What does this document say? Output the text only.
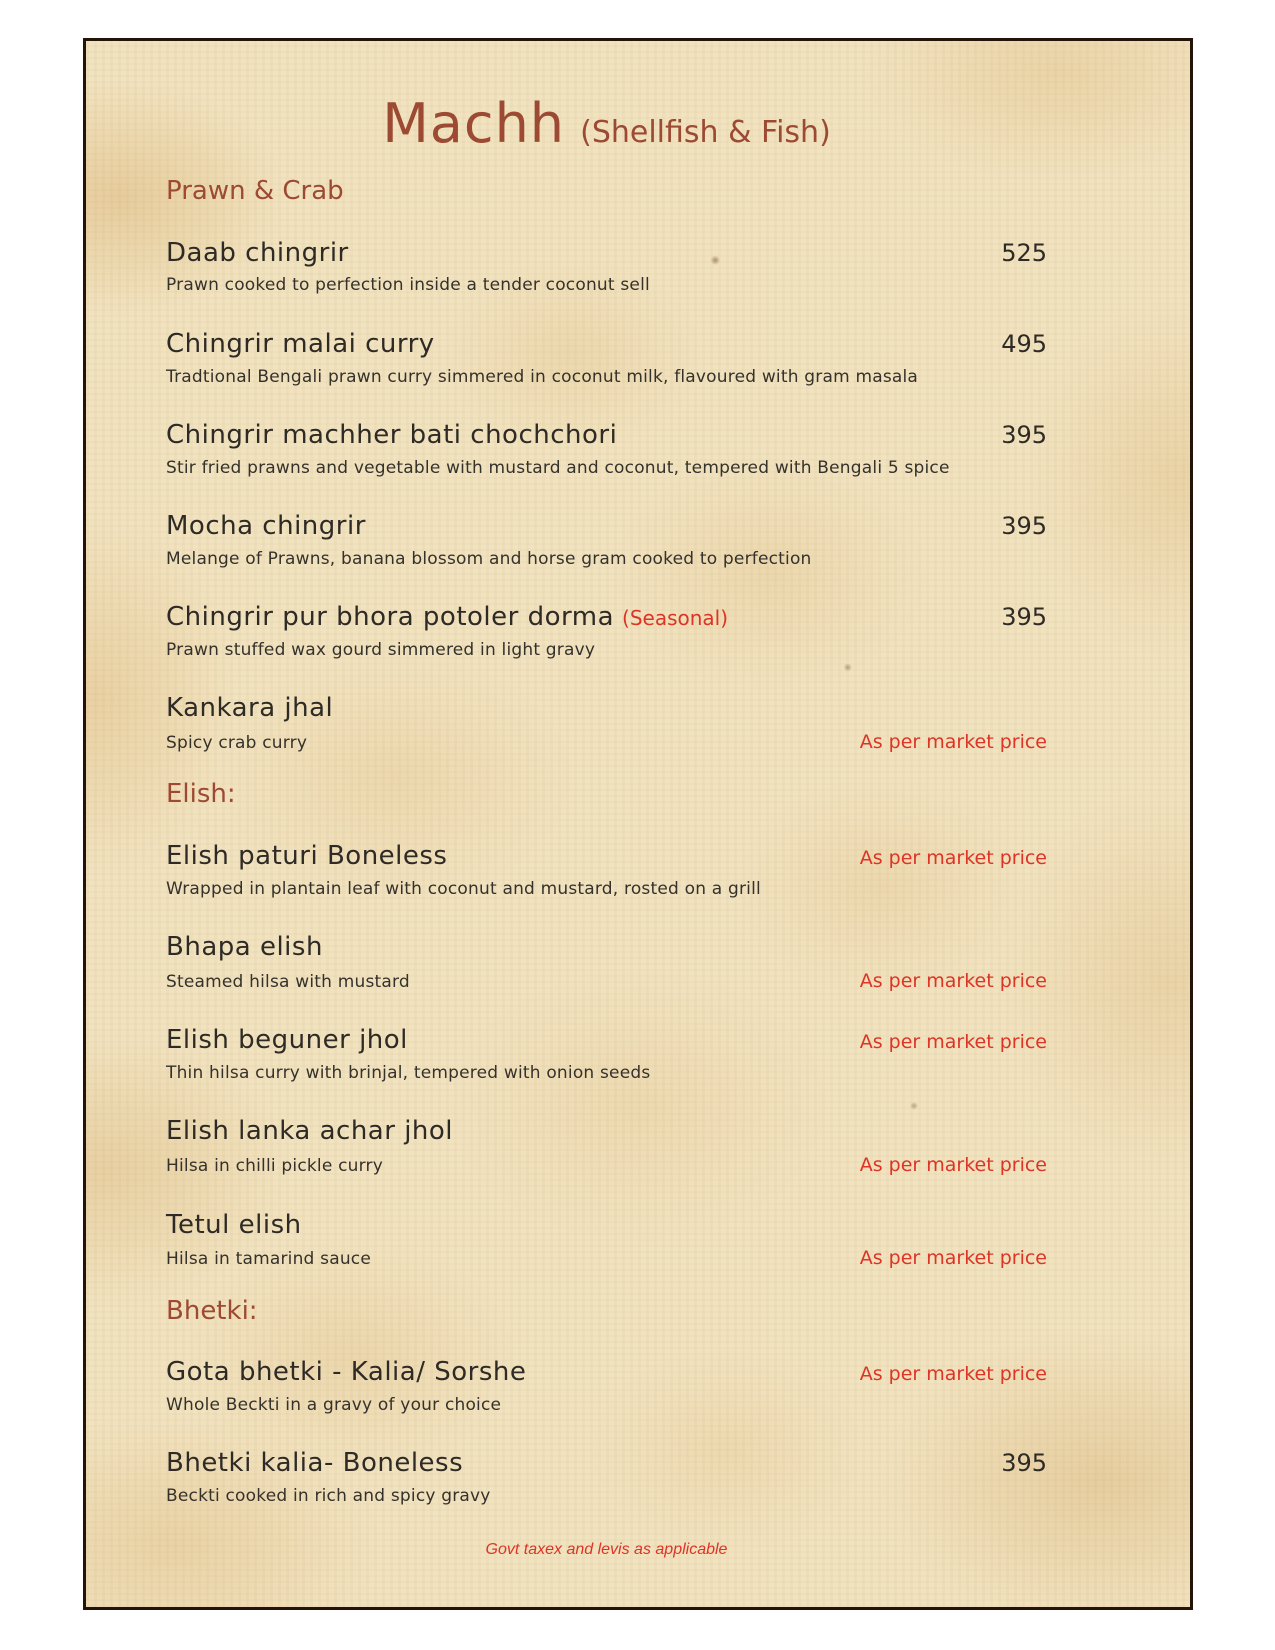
Machh (Shellfish & Fish)
Prawn & Crab
Daab chingrir	525
Prawn cooked to perfection inside a tender coconut sell
Chingrir malai curry	495
Tradtional Bengali prawn curry simmered in coconut milk, flavoured with gram masala
Chingrir machher bati chochchori	395
Stir fried prawns and vegetable with mustard and coconut, tempered with Bengali 5 spice
Mocha chingrir	395
Melange of Prawns, banana blossom and horse gram cooked to perfection
Chingrir pur bhora potoler dorma (Seasonal)	395
Prawn stuffed wax gourd simmered in light gravy
Kankara jhal
Spicy crab curry	As per market price
Elish:
Elish paturi Boneless	As per market price
Wrapped in plantain leaf with coconut and mustard, rosted on a grill
Bhapa elish
Steamed hilsa with mustard	As per market price
Elish beguner jhol	As per market price
Thin hilsa curry with brinjal, tempered with onion seeds
Elish lanka achar jhol
Hilsa in chilli pickle curry	As per market price
Tetul elish
Hilsa in tamarind sauce	As per market price
Bhetki:
Gota bhetki - Kalia/ Sorshe	As per market price
Whole Beckti in a gravy of your choice
Bhetki kalia- Boneless	395
Beckti cooked in rich and spicy gravy
Govt taxex and levis as applicable
